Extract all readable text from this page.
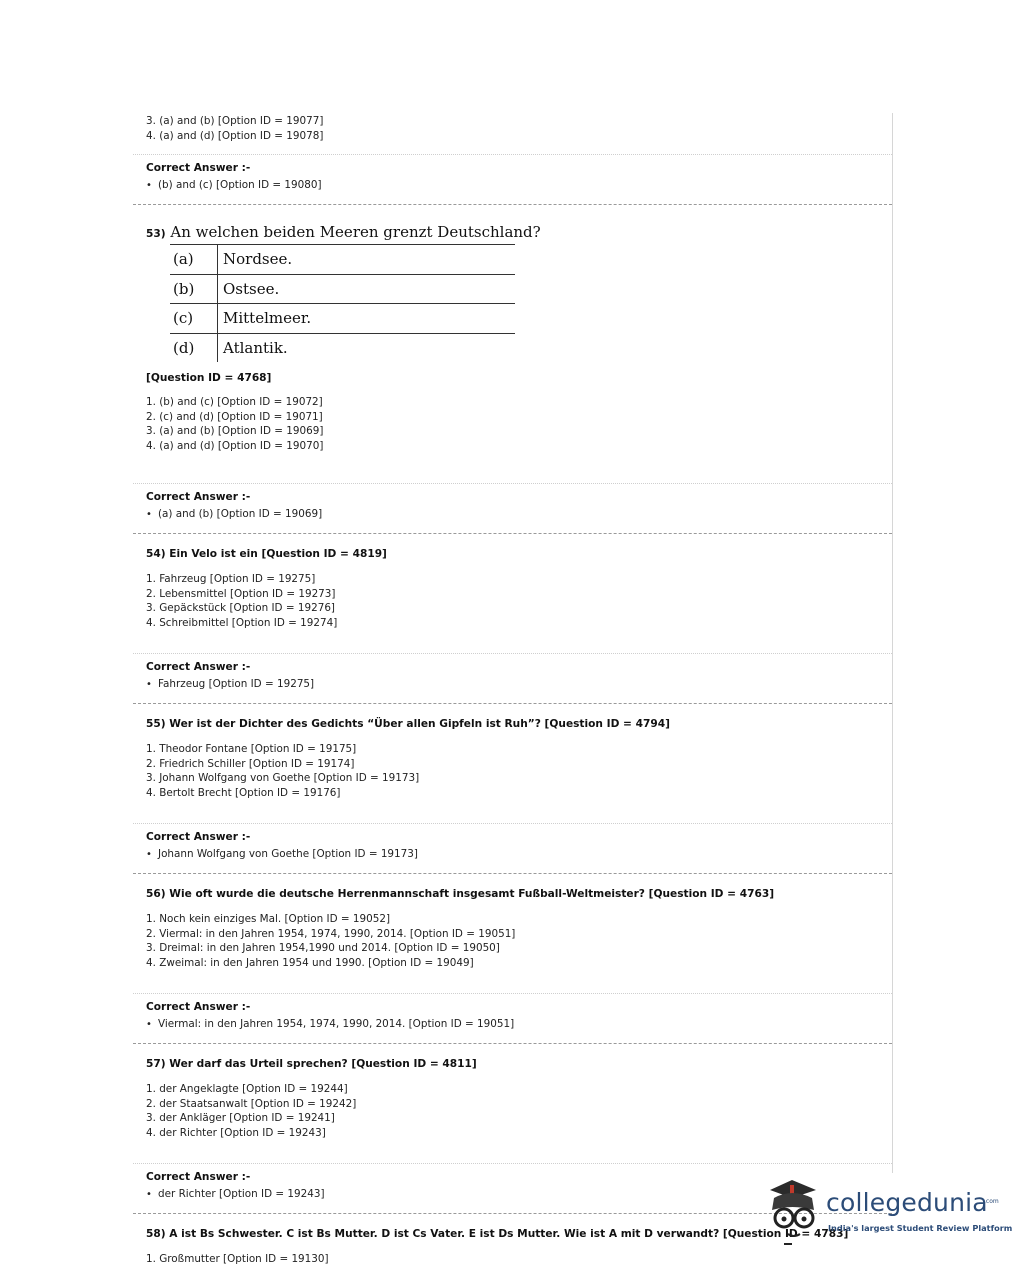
3. (a) and (b) [Option ID = 19077]
4. (a) and (d) [Option ID = 19078]
Correct Answer :-
• (b) and (c) [Option ID = 19080]
53) An welchen beiden Meeren grenzt Deutschland?
(a)	Nordsee.
(b)	Ostsee.
(c)	Mittelmeer.
(d)	Atlantik.
[Question ID = 4768]
1. (b) and (c) [Option ID = 19072]
2. (c) and (d) [Option ID = 19071]
3. (a) and (b) [Option ID = 19069]
4. (a) and (d) [Option ID = 19070]
Correct Answer :-
• (a) and (b) [Option ID = 19069]
54) Ein Velo ist ein [Question ID = 4819]
1. Fahrzeug [Option ID = 19275]
2. Lebensmittel [Option ID = 19273]
3. Gepäckstück [Option ID = 19276]
4. Schreibmittel [Option ID = 19274]
Correct Answer :-
• Fahrzeug [Option ID = 19275]
55) Wer ist der Dichter des Gedichts “Über allen Gipfeln ist Ruh”? [Question ID = 4794]
1. Theodor Fontane [Option ID = 19175]
2. Friedrich Schiller [Option ID = 19174]
3. Johann Wolfgang von Goethe [Option ID = 19173]
4. Bertolt Brecht [Option ID = 19176]
Correct Answer :-
• Johann Wolfgang von Goethe [Option ID = 19173]
56) Wie oft wurde die deutsche Herrenmannschaft insgesamt Fußball-Weltmeister? [Question ID = 4763]
1. Noch kein einziges Mal. [Option ID = 19052]
2. Viermal: in den Jahren 1954, 1974, 1990, 2014. [Option ID = 19051]
3. Dreimal: in den Jahren 1954,1990 und 2014. [Option ID = 19050]
4. Zweimal: in den Jahren 1954 und 1990. [Option ID = 19049]
Correct Answer :-
• Viermal: in den Jahren 1954, 1974, 1990, 2014. [Option ID = 19051]
57) Wer darf das Urteil sprechen? [Question ID = 4811]
1. der Angeklagte [Option ID = 19244]
2. der Staatsanwalt [Option ID = 19242]
3. der Ankläger [Option ID = 19241]
4. der Richter [Option ID = 19243]
Correct Answer :-
• der Richter [Option ID = 19243]
58) A ist Bs Schwester. C ist Bs Mutter. D ist Cs Vater. E ist Ds Mutter. Wie ist A mit D verwandt? [Question ID = 4783]
1. Großmutter [Option ID = 19130]
collegedunia
.com
India's largest Student Review Platform
